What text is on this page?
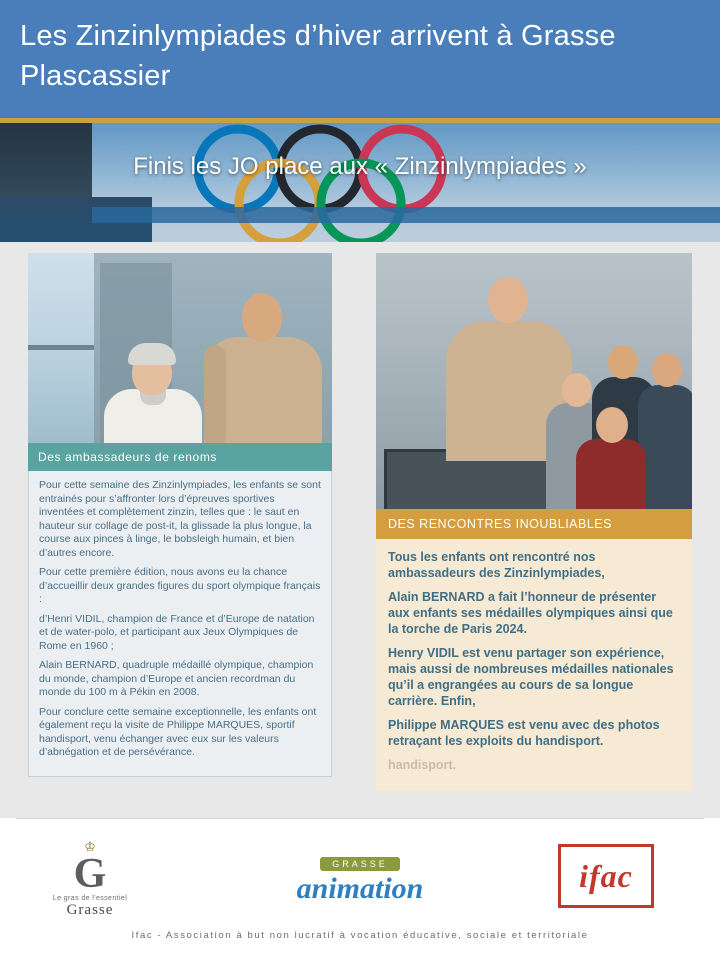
Les Zinzinlympiades d’hiver arrivent à Grasse Plascassier
Finis les JO place aux « Zinzinlympiades »
Des ambassadeurs de renoms

Pour cette semaine des Zinzinlympiades, les enfants se sont entrainés pour s’affronter lors d’épreuves sportives inventées et complètement zinzin, telles que : le saut en hauteur sur collage de post-it, la glissade la plus longue, la course aux pinces à linge, le bobsleigh humain, et bien d’autres encore.

Pour cette première édition, nous avons eu la chance d’accueillir deux grandes figures du sport olympique français :

d’Henri VIDIL, champion de France et d’Europe de natation et de water-polo, et participant aux Jeux Olympiques de Rome en 1960 ;

Alain BERNARD, quadruple médaillé olympique, champion du monde, champion d’Europe et ancien recordman du monde du 100 m à Pékin en 2008.

Pour conclure cette semaine exceptionnelle, les enfants ont également reçu la visite de Philippe MARQUES, sportif handisport, venu échanger avec eux sur les valeurs d’abnégation et de persévérance.

DES RENCONTRES INOUBLIABLES

Tous les enfants ont rencontré nos ambassadeurs des Zinzinlympiades,

Alain BERNARD a fait l’honneur de présenter aux enfants ses médailles olympiques ainsi que la torche de Paris 2024.

Henry VIDIL est venu partager son expérience, mais aussi de nombreuses médailles nationales qu’il a engrangées au cours de sa longue carrière. Enfin,

Philippe MARQUES est venu avec des photos retraçant les exploits du handisport.

handisport.

♔
G
Le gras de l'essentiel
Grasse
GRASSE
animation	ifac
Ifac - Association à but non lucratif à vocation éducative, sociale et territoriale
